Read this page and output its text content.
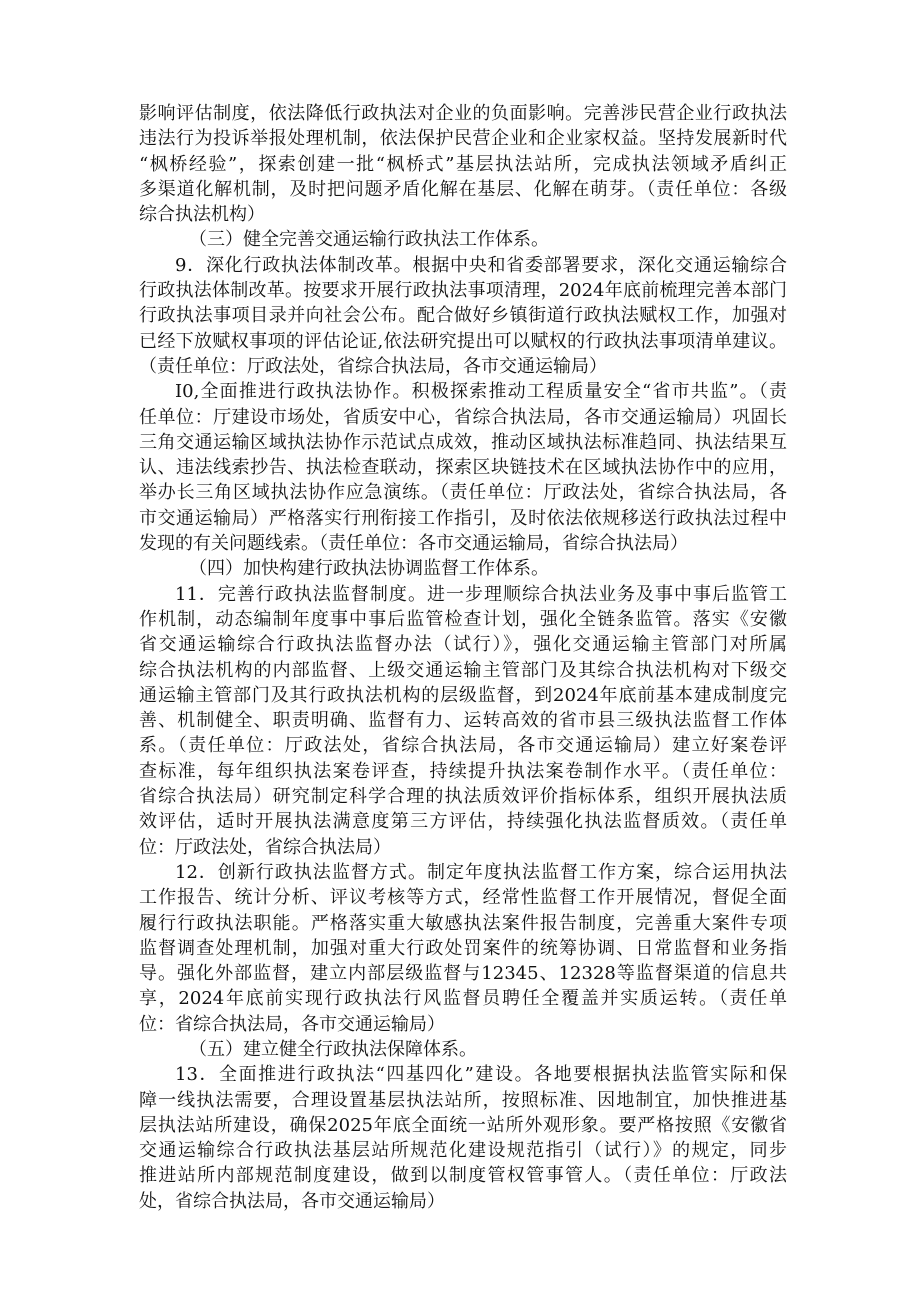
影响评估制度，依法降低行政执法对企业的负面影响。完善涉民营企业行政执法
违法行为投诉举报处理机制，依法保护民营企业和企业家权益。坚持发展新时代
“枫桥经验”，探索创建一批“枫桥式”基层执法站所，完成执法领域矛盾纠正
多渠道化解机制，及时把问题矛盾化解在基层、化解在萌芽。（责任单位：各级
综合执法机构）
（三）健全完善交通运输行政执法工作体系。
9．深化行政执法体制改革。根据中央和省委部署要求，深化交通运输综合
行政执法体制改革。按要求开展行政执法事项清理，2024年底前梳理完善本部门
行政执法事项目录并向社会公布。配合做好乡镇街道行政执法赋权工作，加强对
已经下放赋权事项的评估论证,依法研究提出可以赋权的行政执法事项清单建议。
（责任单位：厅政法处，省综合执法局，各市交通运输局）
I0,全面推进行政执法协作。积极探索推动工程质量安全“省市共监”。（责
任单位：厅建设市场处，省质安中心，省综合执法局，各市交通运输局）巩固长
三角交通运输区域执法协作示范试点成效，推动区域执法标准趋同、执法结果互
认、违法线索抄告、执法检查联动，探索区块链技术在区域执法协作中的应用，
举办长三角区域执法协作应急演练。（责任单位：厅政法处，省综合执法局，各
市交通运输局）严格落实行刑衔接工作指引，及时依法依规移送行政执法过程中
发现的有关问题线索。（责任单位：各市交通运输局，省综合执法局）
（四）加快构建行政执法协调监督工作体系。
11．完善行政执法监督制度。进一步理顺综合执法业务及事中事后监管工
作机制，动态编制年度事中事后监管检查计划，强化全链条监管。落实《安徽
省交通运输综合行政执法监督办法（试行）》，强化交通运输主管部门对所属
综合执法机构的内部监督、上级交通运输主管部门及其综合执法机构对下级交
通运输主管部门及其行政执法机构的层级监督，到2024年底前基本建成制度完
善、机制健全、职责明确、监督有力、运转高效的省市县三级执法监督工作体
系。（责任单位：厅政法处，省综合执法局，各市交通运输局）建立好案卷评
查标准，每年组织执法案卷评查，持续提升执法案卷制作水平。（责任单位：
省综合执法局）研究制定科学合理的执法质效评价指标体系，组织开展执法质
效评估，适时开展执法满意度第三方评估，持续强化执法监督质效。（责任单
位：厅政法处，省综合执法局）
12．创新行政执法监督方式。制定年度执法监督工作方案，综合运用执法
工作报告、统计分析、评议考核等方式，经常性监督工作开展情况，督促全面
履行行政执法职能。严格落实重大敏感执法案件报告制度，完善重大案件专项
监督调查处理机制，加强对重大行政处罚案件的统筹协调、日常监督和业务指
导。强化外部监督，建立内部层级监督与12345、12328等监督渠道的信息共
享，2024年底前实现行政执法行风监督员聘任全覆盖并实质运转。（责任单
位：省综合执法局，各市交通运输局）
（五）建立健全行政执法保障体系。
13．全面推进行政执法“四基四化”建设。各地要根据执法监管实际和保
障一线执法需要，合理设置基层执法站所，按照标准、因地制宜，加快推进基
层执法站所建设，确保2025年底全面统一站所外观形象。要严格按照《安徽省
交通运输综合行政执法基层站所规范化建设规范指引（试行）》的规定，同步
推进站所内部规范制度建设，做到以制度管权管事管人。（责任单位：厅政法
处，省综合执法局，各市交通运输局）
